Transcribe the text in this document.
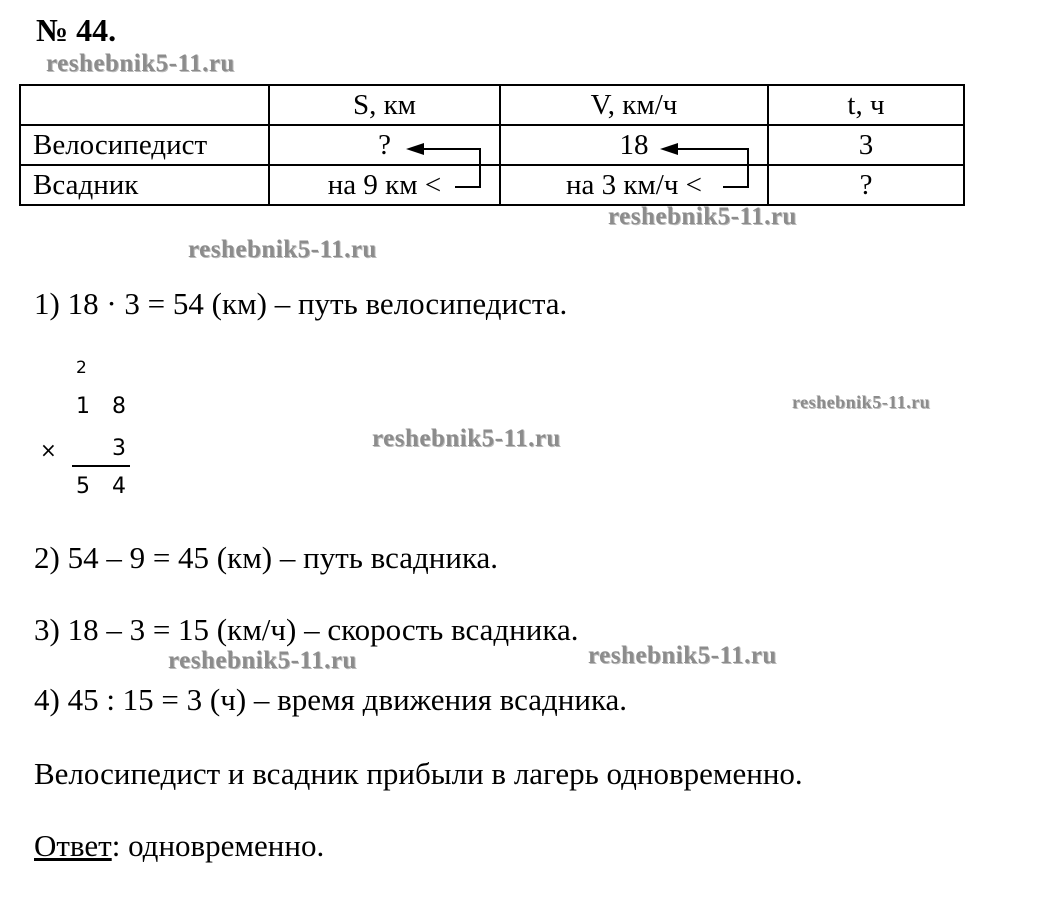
№ 44.
reshebnik5-11.ru
reshebnik5-11.ru
reshebnik5-11.ru
reshebnik5-11.ru
reshebnik5-11.ru
reshebnik5-11.ru	reshebnik5-11.ru
	S, км	V, км/ч	t, ч
Велосипедист	?	18	3
Всадник	на 9 км <	на 3 км/ч <	?
1) 18 · 3 = 54 (км) – путь велосипедиста.
2
1 8
×	3
5 4
2) 54 – 9 = 45 (км) – путь всадника.
3) 18 – 3 = 15 (км/ч) – скорость всадника.
4) 45 : 15 = 3 (ч) – время движения всадника.
Велосипедист и всадник прибыли в лагерь одновременно.
Ответ: одновременно.
